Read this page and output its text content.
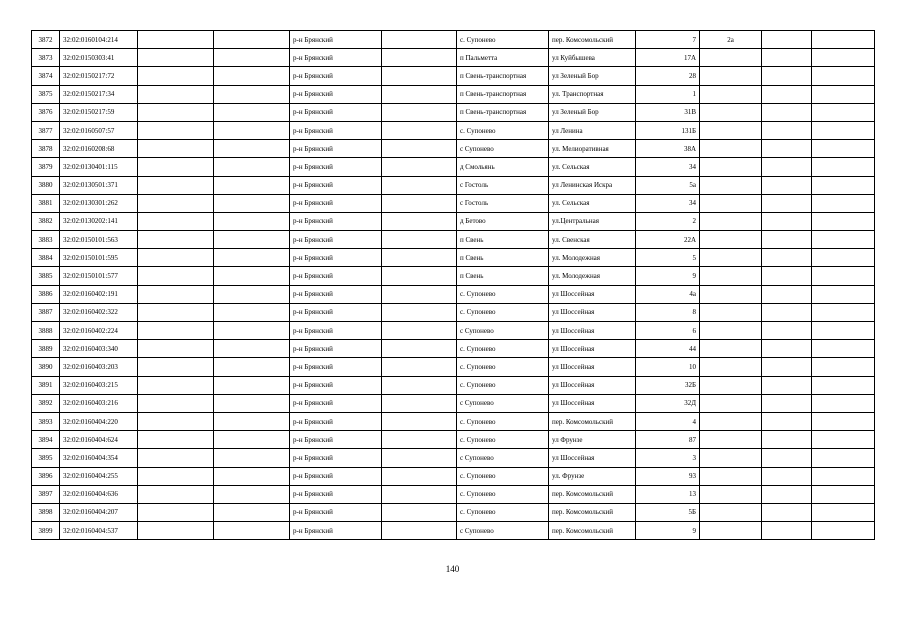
3872	32:02:0160104:214			р-н Брянский		с. Супонево	пер. Комсомольский	7	2а		
3873	32:02:0150303:41			р-н Брянский		п Пальметта	ул Куйбышева	17А			
3874	32:02:0150217:72			р-н Брянский		п Свень-транспортная	ул Зеленый Бор	28			
3875	32:02:0150217:34			р-н Брянский		п Свень-транспортная	ул. Транспортная	1			
3876	32:02:0150217:59			р-н Брянский		п Свень-транспортная	ул Зеленый Бор	31В			
3877	32:02:0160507:57			р-н Брянский		с. Супонево	ул Ленина	131Б			
3878	32:02:0160208:68			р-н Брянский		с Супонево	ул. Мелиоративная	38А			
3879	32:02:0130401:115			р-н Брянский		д Смольянь	ул. Сельская	34			
3880	32:02:0130501:371			р-н Брянский		с Гостоль	ул Ленинская Искра	5а			
3881	32:02:0130301:262			р-н Брянский		с Гостоль	ул. Сельская	34			
3882	32:02:0130202:141			р-н Брянский		д Бетово	ул.Центральная	2			
3883	32:02:0150101:563			р-н Брянский		п Свень	ул. Свенская	22А			
3884	32:02:0150101:595			р-н Брянский		п Свень	ул. Молодежная	5			
3885	32:02:0150101:577			р-н Брянский		п Свень	ул. Молодежная	9			
3886	32:02:0160402:191			р-н Брянский		с. Супонево	ул Шоссейная	4а			
3887	32:02:0160402:322			р-н Брянский		с. Супонево	ул Шоссейная	8			
3888	32:02:0160402:224			р-н Брянский		с Супонево	ул Шоссейная	6			
3889	32:02:0160403:340			р-н Брянский		с. Супонево	ул Шоссейная	44			
3890	32:02:0160403:203			р-н Брянский		с. Супонево	ул Шоссейная	10			
3891	32:02:0160403:215			р-н Брянский		с. Супонево	ул Шоссейная	32Б			
3892	32:02:0160403:216			р-н Брянский		с Супонево	ул Шоссейная	32Д			
3893	32:02:0160404:220			р-н Брянский		с. Супонево	пер. Комсомольский	4			
3894	32:02:0160404:624			р-н Брянский		с. Супонево	ул Фрунзе	87			
3895	32:02:0160404:354			р-н Брянский		с Супонево	ул Шоссейная	3			
3896	32:02:0160404:255			р-н Брянский		с. Супонево	ул. Фрунзе	93			
3897	32:02:0160404:636			р-н Брянский		с. Супонево	пер. Комсомольский	13			
3898	32:02:0160404:207			р-н Брянский		с. Супонево	пер. Комсомольский	5Б			
3899	32:02:0160404:537			р-н Брянский		с Супонево	пер. Комсомольский	9			
140
